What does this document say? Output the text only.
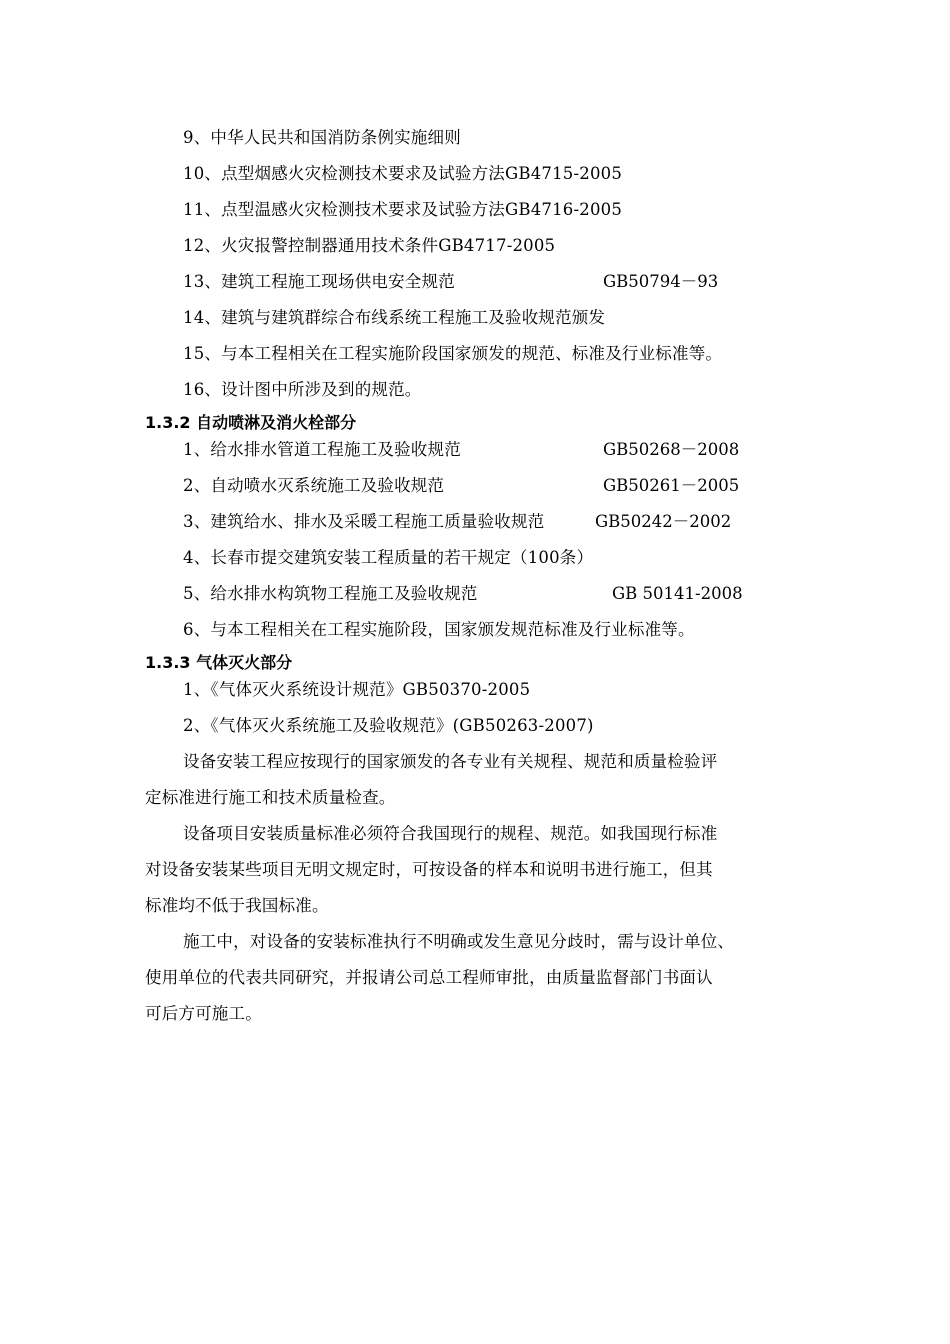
9、中华人民共和国消防条例实施细则
10、点型烟感火灾检测技术要求及试验方法GB4715-2005
11、点型温感火灾检测技术要求及试验方法GB4716-2005
12、火灾报警控制器通用技术条件GB4717-2005
13、建筑工程施工现场供电安全规范	GB50794－93
14、建筑与建筑群综合布线系统工程施工及验收规范颁发
15、与本工程相关在工程实施阶段国家颁发的规范、标准及行业标准等。
16、设计图中所涉及到的规范。
1.3.2 自动喷淋及消火栓部分
1、给水排水管道工程施工及验收规范	GB50268－2008
2、自动喷水灭系统施工及验收规范	GB50261－2005
3、建筑给水、排水及采暖工程施工质量验收规范	GB50242－2002
4、长春市提交建筑安装工程质量的若干规定（100条）
5、给水排水构筑物工程施工及验收规范	GB 50141-2008
6、与本工程相关在工程实施阶段，国家颁发规范标准及行业标准等。
1.3.3 气体灭火部分
1、《气体灭火系统设计规范》GB50370-2005
2、《气体灭火系统施工及验收规范》(GB50263-2007)
设备安装工程应按现行的国家颁发的各专业有关规程、规范和质量检验评
定标准进行施工和技术质量检查。
设备项目安装质量标准必须符合我国现行的规程、规范。如我国现行标准
对设备安装某些项目无明文规定时，可按设备的样本和说明书进行施工，但其
标准均不低于我国标准。
施工中，对设备的安装标准执行不明确或发生意见分歧时，需与设计单位、
使用单位的代表共同研究，并报请公司总工程师审批，由质量监督部门书面认
可后方可施工。
